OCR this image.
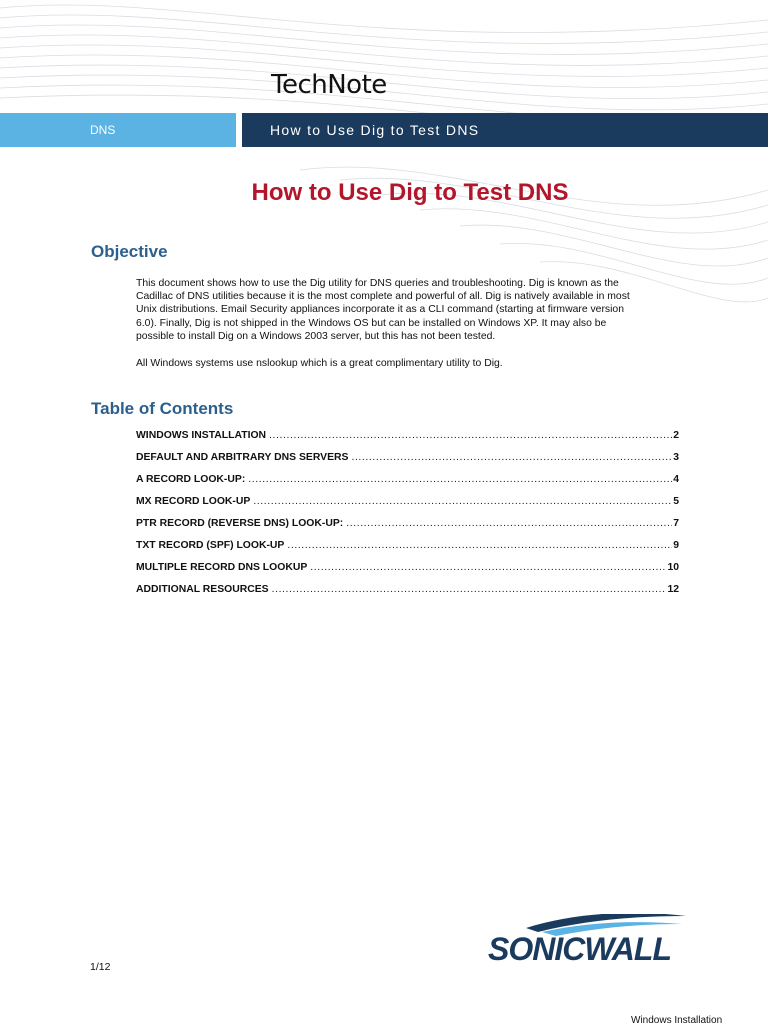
TechNote
DNS	How to Use Dig to Test DNS
How to Use Dig to Test DNS
Objective
This document shows how to use the Dig utility for DNS queries and troubleshooting. Dig is known as the
Cadillac of DNS utilities because it is the most complete and powerful of all. Dig is natively available in most
Unix distributions. Email Security appliances incorporate it as a CLI command (starting at firmware version
6.0). Finally, Dig is not shipped in the Windows OS but can be installed on Windows XP. It may also be
possible to install Dig on a Windows 2003 server, but this has not been tested.
All Windows systems use nslookup which is a great complimentary utility to Dig.
Table of Contents
WINDOWS INSTALLATION .....	2
DEFAULT AND ARBITRARY DNS SERVERS .....	3
A RECORD LOOK-UP: .....	4
MX RECORD LOOK-UP .....	5
PTR RECORD (REVERSE DNS) LOOK-UP: .....	7
TXT RECORD (SPF) LOOK-UP .....	9
MULTIPLE RECORD DNS LOOKUP .....	10
ADDITIONAL RESOURCES .....	12
SONICWALL
1/12
Windows Installation
